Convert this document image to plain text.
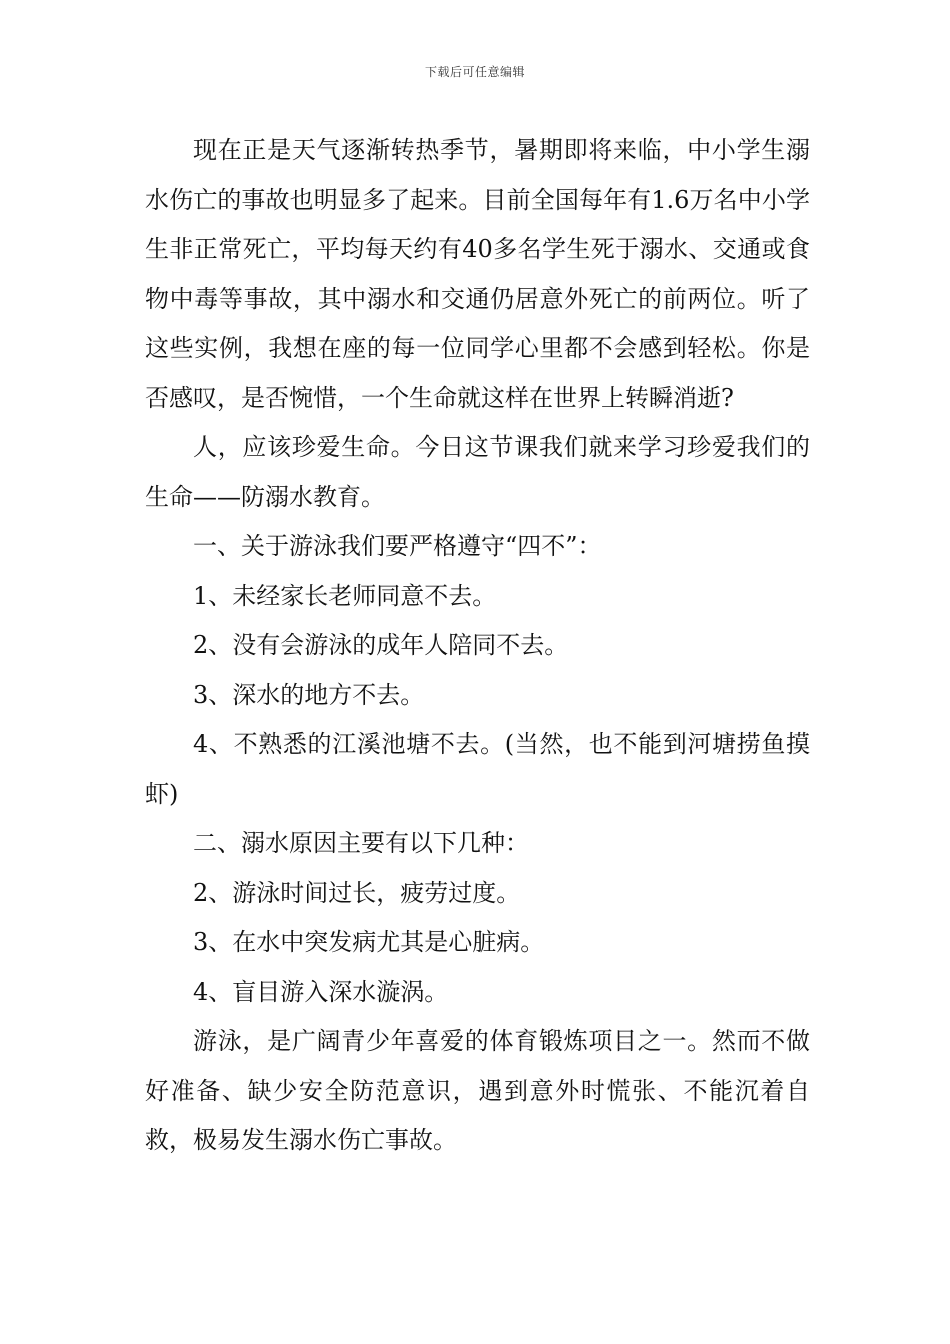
下载后可任意编辑

现在正是天气逐渐转热季节，暑期即将来临，中小学生溺水伤亡的事故也明显多了起来。目前全国每年有1.6万名中小学生非正常死亡，平均每天约有40多名学生死于溺水、交通或食物中毒等事故，其中溺水和交通仍居意外死亡的前两位。听了这些实例，我想在座的每一位同学心里都不会感到轻松。你是否感叹，是否惋惜，一个生命就这样在世界上转瞬消逝?

人，应该珍爱生命。今日这节课我们就来学习珍爱我们的生命——防溺水教育。

一、关于游泳我们要严格遵守“四不”：

1、未经家长老师同意不去。

2、没有会游泳的成年人陪同不去。

3、深水的地方不去。

4、不熟悉的江溪池塘不去。(当然，也不能到河塘捞鱼摸虾)

二、溺水原因主要有以下几种：

2、游泳时间过长，疲劳过度。

3、在水中突发病尤其是心脏病。

4、盲目游入深水漩涡。

游泳，是广阔青少年喜爱的体育锻炼项目之一。然而不做好准备、缺少安全防范意识，遇到意外时慌张、不能沉着自救，极易发生溺水伤亡事故。
